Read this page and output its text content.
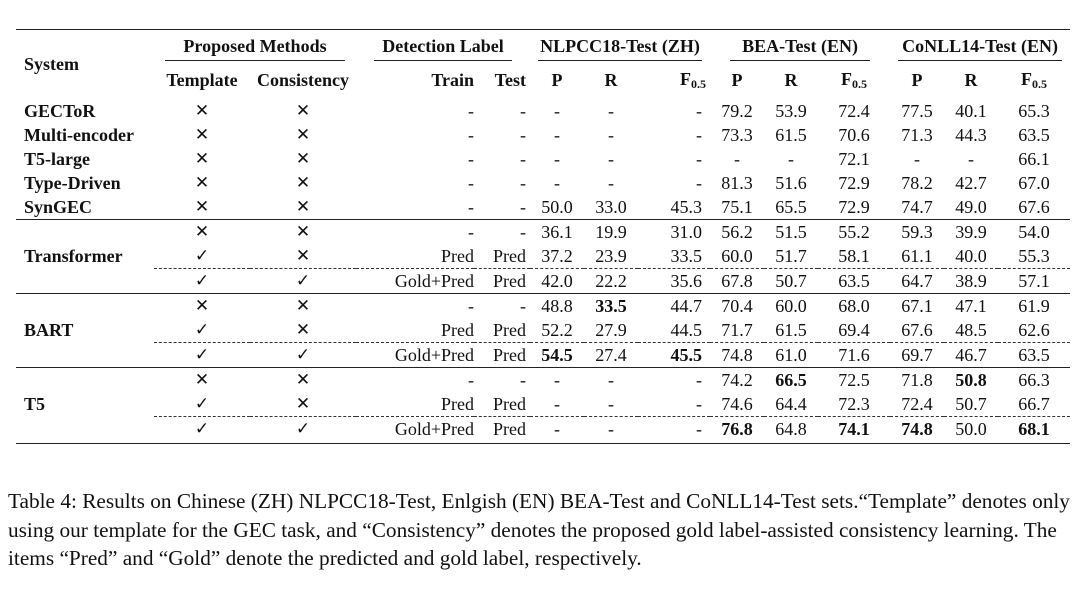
System	Proposed Methods		Detection Label		NLPCC18-Test (ZH)			BEA-Test (EN)			CoNLL14-Test (EN)		
	Template	Consistency	Train	Test	P	R	$F_{0.5}$	P	R	$F_{0.5}$	P	R	$F_{0.5}$
GECToR	✕	✕	-	-	-	-	-	79.2	53.9	72.4	77.5	40.1	65.3
Multi-encoder	✕	✕	-	-	-	-	-	73.3	61.5	70.6	71.3	44.3	63.5
T5-large	✕	✕	-	-	-	-	-	-	-	72.1	-	-	66.1
Type-Driven	✕	✕	-	-	-	-	-	81.3	51.6	72.9	78.2	42.7	67.0
SynGEC	✕	✕	-	-	50.0	33.0	45.3	75.1	65.5	72.9	74.7	49.0	67.6
	✕	✕	-	-	36.1	19.9	31.0	56.2	51.5	55.2	59.3	39.9	54.0
Transformer	✓	✕	Pred	Pred	37.2	23.9	33.5	60.0	51.7	58.1	61.1	40.0	55.3
	✓	✓	Gold+Pred	Pred	42.0	22.2	35.6	67.8	50.7	63.5	64.7	38.9	57.1
	✕	✕	-	-	48.8	33.5	44.7	70.4	60.0	68.0	67.1	47.1	61.9
BART	✓	✕	Pred	Pred	52.2	27.9	44.5	71.7	61.5	69.4	67.6	48.5	62.6
	✓	✓	Gold+Pred	Pred	54.5	27.4	45.5	74.8	61.0	71.6	69.7	46.7	63.5
	✕	✕	-	-	-	-	-	74.2	66.5	72.5	71.8	50.8	66.3
T5	✓	✕	Pred	Pred	-	-	-	74.6	64.4	72.3	72.4	50.7	66.7
	✓	✓	Gold+Pred	Pred	-	-	-	76.8	64.8	74.1	74.8	50.0	68.1
Table 4: Results on Chinese (ZH) NLPCC18-Test, Enlgish (EN) BEA-Test and CoNLL14-Test sets.“Template” denotes only using our template for the GEC task, and “Consistency” denotes the proposed gold label-assisted consistency learning. The items “Pred” and “Gold” denote the predicted and gold label, respectively.
